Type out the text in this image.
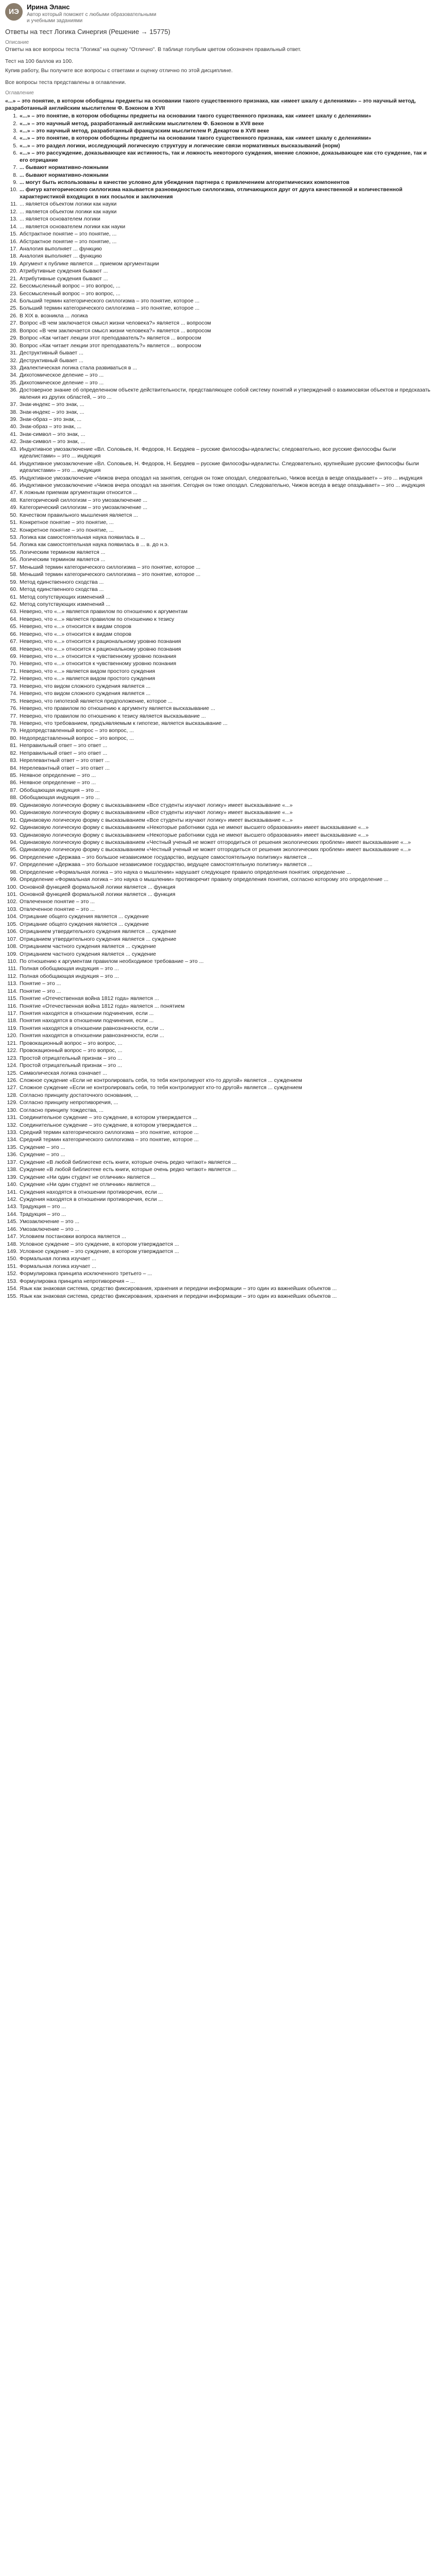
ИЭ
Ирина Эланс
Автор который поможет с любыми образовательными и учебными заданиями
Ответы на тест Логика Синергия (Решение → 15775)
Описание

Ответы на все вопросы теста "Логика" на оценку "Отлично". В таблице голубым цветом обозначен правильный ответ.

Тест на 100 баллов из 100.

Купив работу, Вы получите все вопросы с ответами и оценку отлично по этой дисциплине.

Все вопросы теста представлены в оглавлении.

Оглавление
«...» – это понятие, в котором обобщены предметы на основании такого существенного признака, как «имеет шкалу с делениями» – это научный метод, разработанный английским мыслителем Ф. Бэконом в XVII
1. «...» – это понятие, в котором обобщены предметы на основании такого существенного признака, как «имеет шкалу с делениями»
2. «...» – это научный метод, разработанный английским мыслителем Ф. Бэконом в XVII веке
3. «...» – это научный метод, разработанный французским мыслителем Р. Декартом в XVII веке
4. «...» – это понятие, в котором обобщены предметы на основании такого существенного признака, как «имеет шкалу с делениями»
5. «...» – это раздел логики, исследующий логическую структуру и логические связи нормативных высказываний (норм)
6. «...» – это рассуждение, доказывающее как истинность, так и ложность некоторого суждения, мнение сложное, доказывающее как сто суждение, так и его отрицание
7. ... бывают нормативно-ложными
8. ... бывают нормативно-ложными
9. ... могут быть использованы в качестве условно для убеждения партнера с привлечением алгоритмических компонентов
10. ... фигур категорического силлогизма называется разновидностью силлогизма, отличающихся друг от друга качественной и количественной характеристикой входящих в них посылок и заключения
11. ... является объектом логики как науки
12. ... является объектом логики как науки
13. ... является основателем логики
14. ... является основателем логики как науки
15. Абстрактное понятие – это понятие, ...
16. Абстрактное понятие – это понятие, ...
17. Аналогия выполняет ... функцию
18. Аналогия выполняет ... функцию
19. Аргумент к публике является ... приемом аргументации
20. Атрибутивные суждения бывают ...
21. Атрибутивные суждения бывают ...
22. Бессмысленный вопрос – это вопрос, ...
23. Бессмысленный вопрос – это вопрос, ...
24. Больший термин категорического силлогизма – это понятие, которое ...
25. Больший термин категорического силлогизма – это понятие, которое ...
26. В XIX в. возникла ... логика
27. Вопрос «В чем заключается смысл жизни человека?» является ... вопросом
28. Вопрос «В чем заключается смысл жизни человека?» является ... вопросом
29. Вопрос «Как читает лекции этот преподаватель?» является ... вопросом
30. Вопрос «Как читает лекции этот преподаватель?» является ... вопросом
31. Деструктивный бывает ...
32. Деструктивный бывает ...
33. Диалектическая логика стала развиваться в ...
34. Дихотомическое деление – это ...
35. Дихотомическое деление – это ...
36. Достоверное знание об определенном объекте действительности, представляющее собой систему понятий и утверждений о взаимосвязи объектов и предсказать явления из других областей, – это ...
37. Знак-индекс – это знак, ...
38. Знак-индекс – это знак, ...
39. Знак-образ – это знак, ...
40. Знак-образ – это знак, ...
41. Знак-символ – это знак, ...
42. Знак-символ – это знак, ...
43. Индуктивное умозаключение «Вл. Соловьев, Н. Федоров, Н. Бердяев – русские философы-идеалисты; следовательно, все русские философы были идеалистами» – это ... индукция
44. Индуктивное умозаключение «Вл. Соловьев, Н. Федоров, Н. Бердяев – русские философы-идеалисты. Следовательно, крупнейшие русские философы были идеалистами» – это ... индукция
45. Индуктивное умозаключение «Чижов вчера опоздал на занятия, сегодня он тоже опоздал, следовательно, Чижов всегда в везде опаздывает» – это ... индукция
46. Индуктивное умозаключение «Чижов вчера опоздал на занятия. Сегодня он тоже опоздал. Следовательно, Чижов всегда в везде опаздывает» – это ... индукция
47. К ложным приемам аргументации относится ...
48. Категорический силлогизм – это умозаключение ...
49. Категорический силлогизм – это умозаключение ...
50. Качеством правильного мышления является ...
51. Конкретное понятие – это понятие, ...
52. Конкретное понятие – это понятие, ...
53. Логика как самостоятельная наука появилась в ...
54. Логика как самостоятельная наука появилась в ... в. до н.э.
55. Логическим термином является ...
56. Логическим термином является ...
57. Меньший термин категорического силлогизма – это понятие, которое ...
58. Меньший термин категорического силлогизма – это понятие, которое ...
59. Метод единственного сходства ...
60. Метод единственного сходства ...
61. Метод сопутствующих изменений ...
62. Метод сопутствующих изменений ...
63. Неверно, что «...» является правилом по отношению к аргументам
64. Неверно, что «...» является правилом по отношению к тезису
65. Неверно, что «...» относится к видам споров
66. Неверно, что «...» относится к видам споров
67. Неверно, что «...» относится к рациональному уровню познания
68. Неверно, что «...» относится к рациональному уровню познания
69. Неверно, что «...» относится к чувственному уровню познания
70. Неверно, что «...» относится к чувственному уровню познания
71. Неверно, что «...» является видом простого суждения
72. Неверно, что «...» является видом простого суждения
73. Неверно, что видом сложного суждения является ...
74. Неверно, что видом сложного суждения является ...
75. Неверно, что гипотезой является предположение, которое ...
76. Неверно, что правилом по отношению к аргументу является высказывание ...
77. Неверно, что правилом по отношению к тезису является высказывание ...
78. Неверно, что требованием, предъявляемым к гипотезе, является высказывание ...
79. Недопредставленный вопрос – это вопрос, ...
80. Недопредставленный вопрос – это вопрос, ...
81. Неправильный ответ – это ответ ...
82. Неправильный ответ – это ответ ...
83. Нерелевантный ответ – это ответ ...
84. Нерелевантный ответ – это ответ ...
85. Неявное определение – это ...
86. Неявное определение – это ...
87. Обобщающая индукция – это ...
88. Обобщающая индукция – это ...
89. Одинаковую логическую форму с высказыванием «Все студенты изучают логику» имеет высказывание «...»
90. Одинаковую логическую форму с высказыванием «Все студенты изучают логику» имеет высказывание «...»
91. Одинаковую логическую форму с высказыванием «Все студенты изучают логику» имеет высказывание «...»
92. Одинаковую логическую форму с высказыванием «Некоторые работники суда не имеют высшего образования» имеет высказывание «...»
93. Одинаковую логическую форму с высказыванием «Некоторые работники суда не имеют высшего образования» имеет высказывание «...»
94. Одинаковую логическую форму с высказыванием «Честный ученый не может отгородиться от решения экологических проблем» имеет высказывание «...»
95. Одинаковую логическую форму с высказыванием «Честный ученый не может отгородиться от решения экологических проблем» имеет высказывание «...»
96. Определение «Держава – это большое независимое государство, ведущее самостоятельную политику» является ...
97. Определение «Держава – это большое независимое государство, ведущее самостоятельную политику» является ...
98. Определение «Формальная логика – это наука о мышлении» нарушает следующее правило определения понятия: определение ...
99. Определение «Формальная логика – это наука о мышлении» противоречит правилу определения понятия, согласно которому это определение ...
100. Основной функцией формальной логики является ... функция
101. Основной функцией формальной логики является ... функция
102. Отвлеченное понятие – это ...
103. Отвлеченное понятие – это ...
104. Отрицание общего суждения является ... суждение
105. Отрицание общего суждения является ... суждение
106. Отрицанием утвердительного суждения является ... суждение
107. Отрицанием утвердительного суждения является ... суждение
108. Отрицанием частного суждения является ... суждение
109. Отрицанием частного суждения является ... суждение
110. По отношению к аргументам правилом необходимое требование – это ...
111. Полная обобщающая индукция – это ...
112. Полная обобщающая индукция – это ...
113. Понятие – это ...
114. Понятие – это ...
115. Понятие «Отечественная война 1812 года» является ...
116. Понятие «Отечественная война 1812 года» является ... понятием
117. Понятия находятся в отношении подчинения, если ...
118. Понятия находятся в отношении подчинения, если ...
119. Понятия находятся в отношении равнозначности, если ...
120. Понятия находятся в отношении равнозначности, если ...
121. Провокационный вопрос – это вопрос, ...
122. Провокационный вопрос – это вопрос, ...
123. Простой отрицательный признак – это ...
124. Простой отрицательный признак – это ...
125. Символическая логика означает ...
126. Сложное суждение «Если не контролировать себя, то тебя контролируют кто-то другой» является ... суждением
127. Сложное суждение «Если не контролировать себя, то тебя контролируют кто-то другой» является ... суждением
128. Согласно принципу достаточного основания, ...
129. Согласно принципу непротиворечия, ...
130. Согласно принципу тождества, ...
131. Соединительное суждение – это суждение, в котором утверждается ...
132. Соединительное суждение – это суждение, в котором утверждается ...
133. Средний термин категорического силлогизма – это понятие, которое ...
134. Средний термин категорического силлогизма – это понятие, которое ...
135. Суждение – это ...
136. Суждение – это ...
137. Суждение «В любой библиотеке есть книги, которые очень редко читают» является ...
138. Суждение «В любой библиотеке есть книги, которые очень редко читают» является ...
139. Суждение «Ни один студент не отличник» является ...
140. Суждение «Ни один студент не отличник» является ...
141. Суждения находятся в отношении противоречия, если ...
142. Суждения находятся в отношении противоречия, если ...
143. Традукция – это ...
144. Традукция – это ...
145. Умозаключение – это ...
146. Умозаключение – это ...
147. Условием постановки вопроса является ...
148. Условное суждение – это суждение, в котором утверждается ...
149. Условное суждение – это суждение, в котором утверждается ...
150. Формальная логика изучает ...
151. Формальная логика изучает ...
152. Формулировка принципа исключенного третьего – ...
153. Формулировка принципа непротиворечия – ...
154. Язык как знаковая система, средство фиксирования, хранения и передачи информации – это один из важнейших объектов ...
155. Язык как знаковая система, средство фиксирования, хранения и передачи информации – это один из важнейших объектов ...
